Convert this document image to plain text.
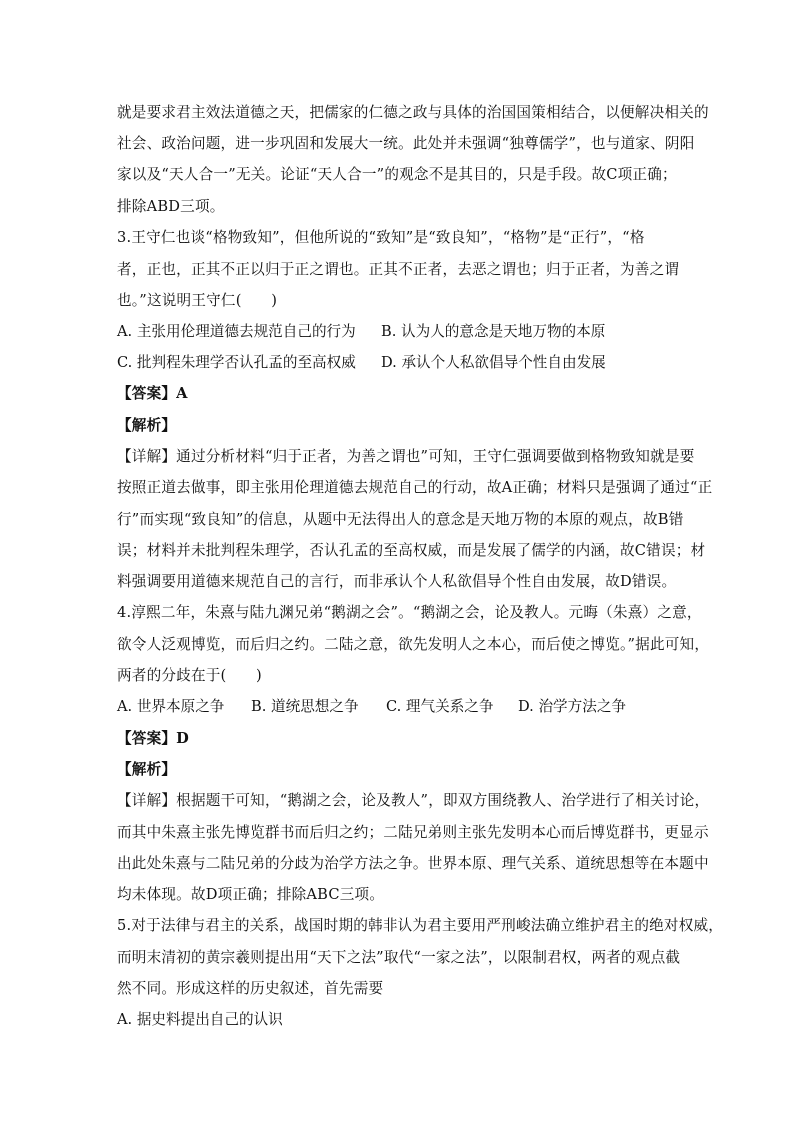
就是要求君主效法道德之天，把儒家的仁德之政与具体的治国国策相结合，以便解决相关的
社会、政治问题，进一步巩固和发展大一统。此处并未强调“独尊儒学”，也与道家、阴阳
家以及“天人合一”无关。论证“天人合一”的观念不是其目的，只是手段。故C项正确；
排除ABD三项。
3.王守仁也谈“格物致知”，但他所说的“致知”是“致良知”，“格物”是“正行”，“格
者，正也，正其不正以归于正之谓也。正其不正者，去恶之谓也；归于正者，为善之谓
也。”这说明王守仁(　　)
A. 主张用伦理道德去规范自己的行为 B. 认为人的意念是天地万物的本原
C. 批判程朱理学否认孔孟的至高权威 D. 承认个人私欲倡导个性自由发展
【答案】A
【解析】
【详解】通过分析材料“归于正者，为善之谓也”可知，王守仁强调要做到格物致知就是要
按照正道去做事，即主张用伦理道德去规范自己的行动，故A正确；材料只是强调了通过“正
行”而实现“致良知”的信息，从题中无法得出人的意念是天地万物的本原的观点，故B错
误；材料并未批判程朱理学，否认孔孟的至高权威，而是发展了儒学的内涵，故C错误；材
料强调要用道德来规范自己的言行，而非承认个人私欲倡导个性自由发展，故D错误。
4.淳熙二年，朱熹与陆九渊兄弟“鹅湖之会”。“鹅湖之会，论及教人。元晦（朱熹）之意，
欲令人泛观博览，而后归之约。二陆之意，欲先发明人之本心，而后使之博览。”据此可知，
两者的分歧在于(　　)
A. 世界本原之争 B. 道统思想之争 C. 理气关系之争 D. 治学方法之争
【答案】D
【解析】
【详解】根据题干可知，“鹅湖之会，论及教人”，即双方围绕教人、治学进行了相关讨论，
而其中朱熹主张先博览群书而后归之约；二陆兄弟则主张先发明本心而后博览群书，更显示
出此处朱熹与二陆兄弟的分歧为治学方法之争。世界本原、理气关系、道统思想等在本题中
均未体现。故D项正确；排除ABC三项。
5.对于法律与君主的关系，战国时期的韩非认为君主要用严刑峻法确立维护君主的绝对权威，
而明末清初的黄宗羲则提出用“天下之法”取代“一家之法”，以限制君权，两者的观点截
然不同。形成这样的历史叙述，首先需要
A. 据史料提出自己的认识
